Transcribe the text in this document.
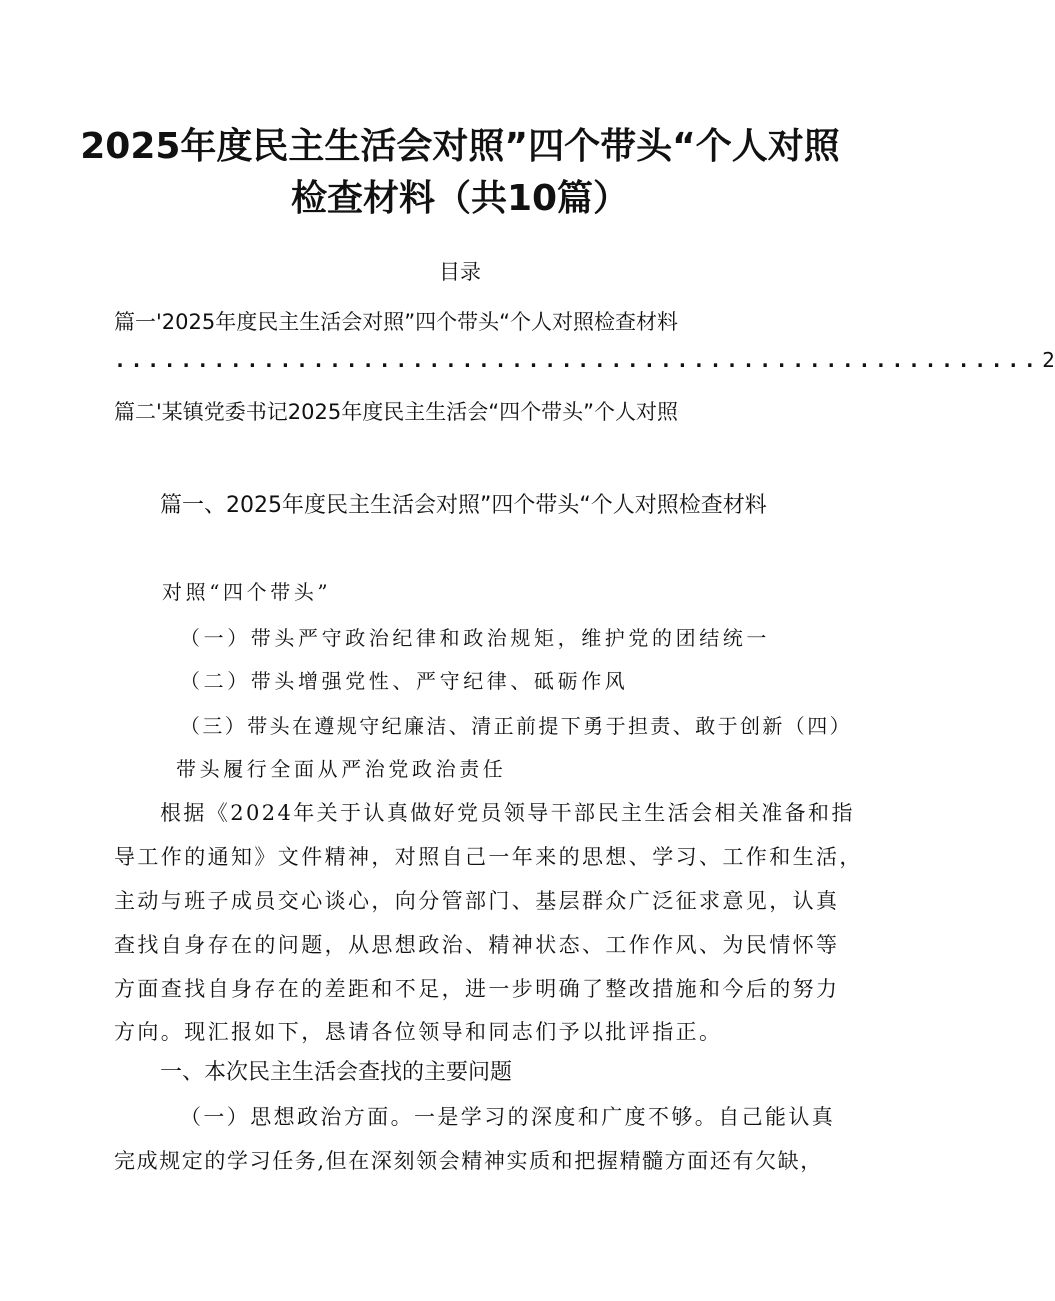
2025年度民主生活会对照”四个带头“个人对照
检查材料（共10篇）
目录
篇一'2025年度民主生活会对照”四个带头“个人对照检查材料
........................................................ 2
篇二'某镇党委书记2025年度民主生活会“四个带头”个人对照
篇一、2025年度民主生活会对照”四个带头“个人对照检查材料
对照“四个带头”
（一）带头严守政治纪律和政治规矩，维护党的团结统一
（二）带头增强党性、严守纪律、砥砺作风
（三）带头在遵规守纪廉洁、清正前提下勇于担责、敢于创新（四）
带头履行全面从严治党政治责任
根据《2024年关于认真做好党员领导干部民主生活会相关准备和指
导工作的通知》文件精神，对照自己一年来的思想、学习、工作和生活，
主动与班子成员交心谈心，向分管部门、基层群众广泛征求意见，认真
查找自身存在的问题，从思想政治、精神状态、工作作风、为民情怀等
方面查找自身存在的差距和不足，进一步明确了整改措施和今后的努力
方向。现汇报如下，恳请各位领导和同志们予以批评指正。
一、本次民主生活会查找的主要问题
（一）思想政治方面。一是学习的深度和广度不够。自己能认真
完成规定的学习任务,但在深刻领会精神实质和把握精髓方面还有欠缺，
